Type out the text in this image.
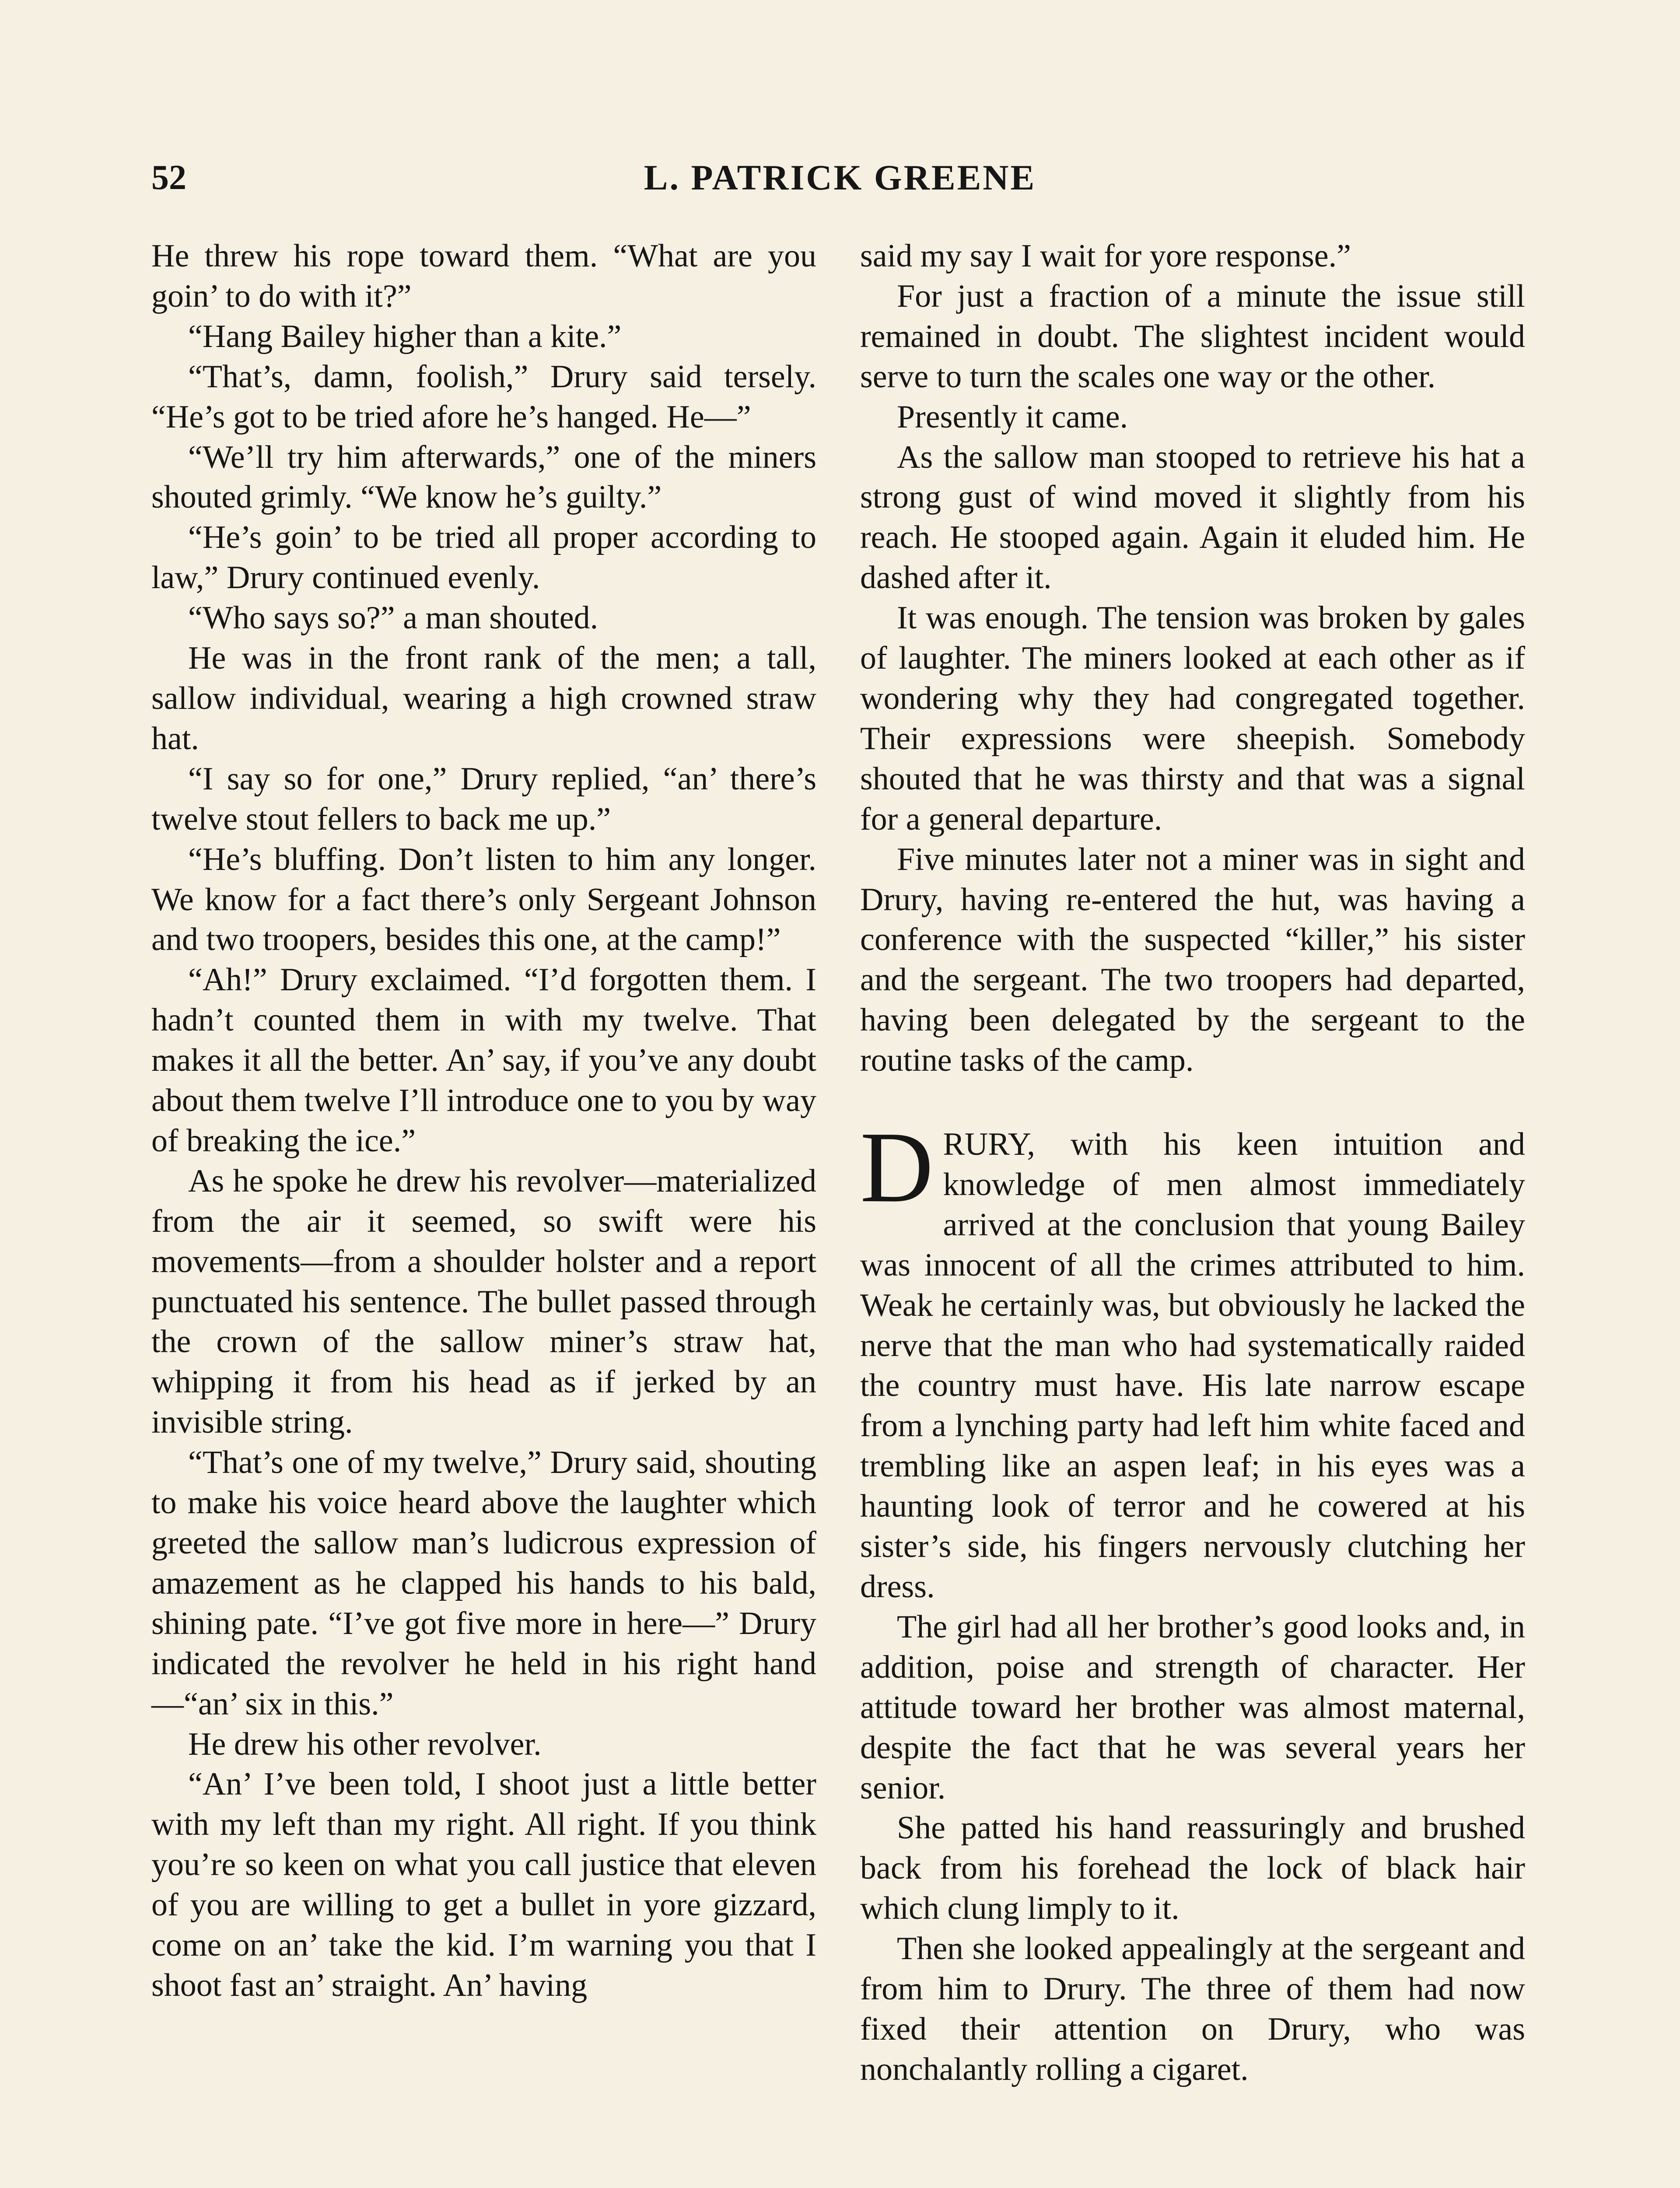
52	L. PATRICK GREENE

He threw his rope toward them. “What are you goin’ to do with it?”

“Hang Bailey higher than a kite.”

“That’s, damn, foolish,” Drury said tersely. “He’s got to be tried afore he’s hanged. He—”

“We’ll try him afterwards,” one of the miners shouted grimly. “We know he’s guilty.”

“He’s goin’ to be tried all proper according to law,” Drury continued evenly.

“Who says so?” a man shouted.

He was in the front rank of the men; a tall, sallow individual, wearing a high crowned straw hat.

“I say so for one,” Drury replied, “an’ there’s twelve stout fellers to back me up.”

“He’s bluffing. Don’t listen to him any longer. We know for a fact there’s only Sergeant Johnson and two troopers, besides this one, at the camp!”

“Ah!” Drury exclaimed. “I’d forgotten them. I hadn’t counted them in with my twelve. That makes it all the better. An’ say, if you’ve any doubt about them twelve I’ll introduce one to you by way of breaking the ice.”

As he spoke he drew his revolver—materialized from the air it seemed, so swift were his movements—from a shoulder holster and a report punctuated his sentence. The bullet passed through the crown of the sallow miner’s straw hat, whipping it from his head as if jerked by an invisible string.

“That’s one of my twelve,” Drury said, shouting to make his voice heard above the laughter which greeted the sallow man’s ludicrous expression of amazement as he clapped his hands to his bald, shining pate. “I’ve got five more in here—” Drury indicated the revolver he held in his right hand—“an’ six in this.”

He drew his other revolver.

“An’ I’ve been told, I shoot just a little better with my left than my right. All right. If you think you’re so keen on what you call justice that eleven of you are willing to get a bullet in yore gizzard, come on an’ take the kid. I’m warning you that I shoot fast an’ straight. An’ having

said my say I wait for yore response.”

For just a fraction of a minute the issue still remained in doubt. The slightest incident would serve to turn the scales one way or the other.

Presently it came.

As the sallow man stooped to retrieve his hat a strong gust of wind moved it slightly from his reach. He stooped again. Again it eluded him. He dashed after it.

It was enough. The tension was broken by gales of laughter. The miners looked at each other as if wondering why they had congregated together. Their expressions were sheepish. Somebody shouted that he was thirsty and that was a signal for a general departure.

Five minutes later not a miner was in sight and Drury, having re-entered the hut, was having a conference with the suspected “killer,” his sister and the sergeant. The two troopers had departed, having been delegated by the sergeant to the routine tasks of the camp.

DRURY, with his keen intuition and knowledge of men almost immediately arrived at the conclusion that young Bailey was innocent of all the crimes attributed to him. Weak he certainly was, but obviously he lacked the nerve that the man who had systematically raided the country must have. His late narrow escape from a lynching party had left him white faced and trembling like an aspen leaf; in his eyes was a haunting look of terror and he cowered at his sister’s side, his fingers nervously clutching her dress.

The girl had all her brother’s good looks and, in addition, poise and strength of character. Her attitude toward her brother was almost maternal, despite the fact that he was several years her senior.

She patted his hand reassuringly and brushed back from his forehead the lock of black hair which clung limply to it.

Then she looked appealingly at the sergeant and from him to Drury. The three of them had now fixed their attention on Drury, who was nonchalantly rolling a cigaret.
